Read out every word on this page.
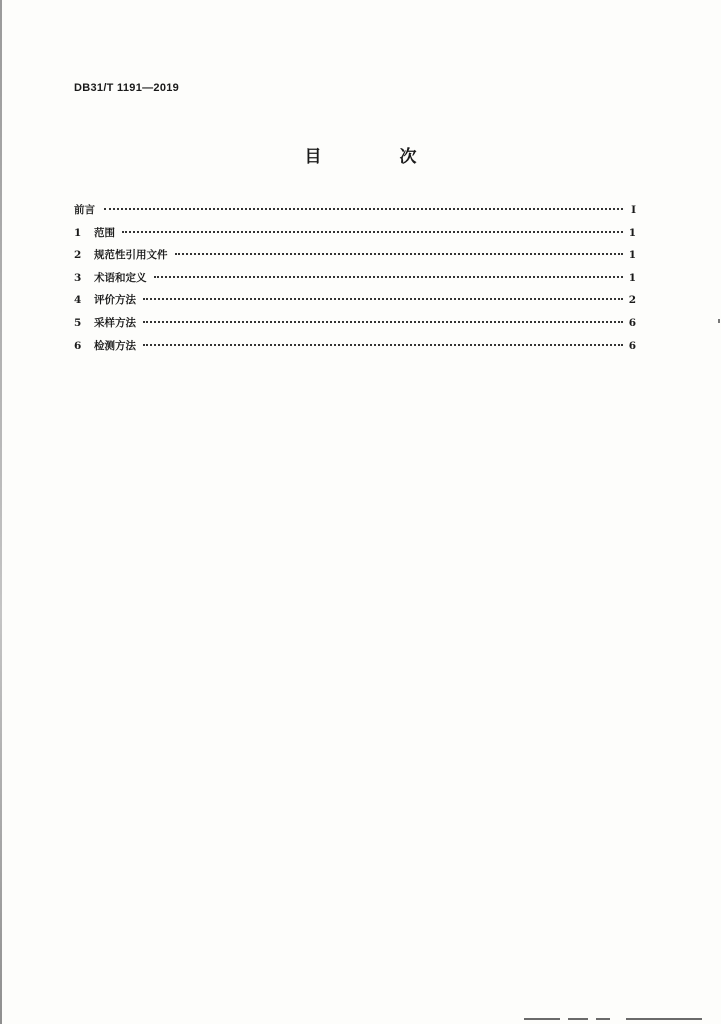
DB31/T 1191—2019
目 次
前言	Ⅰ
1	范围	1
2	规范性引用文件	1
3	术语和定义	1
4	评价方法	2
5	采样方法	6
6	检测方法	6
